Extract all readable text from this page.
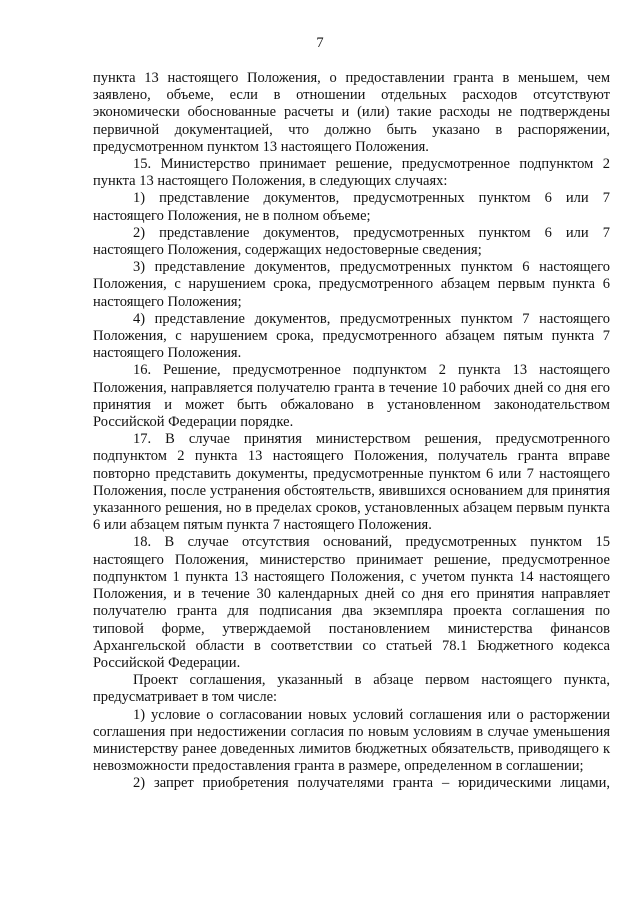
7

пункта 13 настоящего Положения, о предоставлении гранта в меньшем, чем заявлено, объеме, если в отношении отдельных расходов отсутствуют экономически обоснованные расчеты и (или) такие расходы не подтверждены первичной документацией, что должно быть указано в распоряжении, предусмотренном пунктом 13 настоящего Положения.

15. Министерство принимает решение, предусмотренное подпунктом 2 пункта 13 настоящего Положения, в следующих случаях:

1) представление документов, предусмотренных пунктом 6 или 7 настоящего Положения, не в полном объеме;

2) представление документов, предусмотренных пунктом 6 или 7 настоящего Положения, содержащих недостоверные сведения;

3) представление документов, предусмотренных пунктом 6 настоящего Положения, с нарушением срока, предусмотренного абзацем первым пункта 6 настоящего Положения;

4) представление документов, предусмотренных пунктом 7 настоящего Положения, с нарушением срока, предусмотренного абзацем пятым пункта 7 настоящего Положения.

16. Решение, предусмотренное подпунктом 2 пункта 13 настоящего Положения, направляется получателю гранта в течение 10 рабочих дней со дня его принятия и может быть обжаловано в установленном законодательством Российской Федерации порядке.

17. В случае принятия министерством решения, предусмотренного подпунктом 2 пункта 13 настоящего Положения, получатель гранта вправе повторно представить документы, предусмотренные пунктом 6 или 7 настоящего Положения, после устранения обстоятельств, явившихся основанием для принятия указанного решения, но в пределах сроков, установленных абзацем первым пункта 6 или абзацем пятым пункта 7 настоящего Положения.

18. В случае отсутствия оснований, предусмотренных пунктом 15 настоящего Положения, министерство принимает решение, предусмотренное подпунктом 1 пункта 13 настоящего Положения, с учетом пункта 14 настоящего Положения, и в течение 30 календарных дней со дня его принятия направляет получателю гранта для подписания два экземпляра проекта соглашения по типовой форме, утверждаемой постановлением министерства финансов Архангельской области в соответствии со статьей 78.1 Бюджетного кодекса Российской Федерации.

Проект соглашения, указанный в абзаце первом настоящего пункта, предусматривает в том числе:

1) условие о согласовании новых условий соглашения или о расторжении соглашения при недостижении согласия по новым условиям в случае уменьшения министерству ранее доведенных лимитов бюджетных обязательств, приводящего к невозможности предоставления гранта в размере, определенном в соглашении;

2) запрет приобретения получателями гранта – юридическими лицами,
